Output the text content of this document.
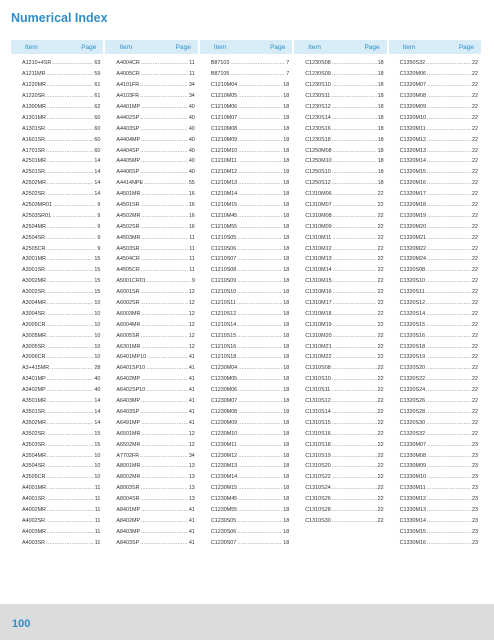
Numerical Index
Item	Page
A1210+4SR .....	63
A1211MR .....	59
A1220MR .....	61
A1220SR .....	61
A1300MR .....	62
A1301MR .....	60
A1301SR .....	60
A1601SR .....	60
A1701SR .....	60
A2501MR .....	14
A2501SR .....	14
A2502MR .....	14
A2502SR .....	14
A2503MR01 .....	9
A2503SR01 .....	9
A2504MR .....	9
A2504SR .....	9
A2505CR .....	9
A3001MR .....	15
A3001SR .....	15
A3002MR .....	15
A3002SR .....	15
A3004MR .....	10
A3004SR .....	10
A3005CR .....	10
A3005MR .....	10
A3005SR .....	10
A3006CR .....	10
A3+415MR .....	28
A3401MP .....	40
A3402MP .....	40
A3501MR .....	14
A3501SR .....	14
A3502MR .....	14
A3502SR .....	15
A3503SR .....	15
A3504MR .....	10
A3504SR .....	10
A3505CR .....	10
A4001MR .....	11
A4001SR .....	11
A4002MR .....	11
A4002SR .....	11
A4003MR .....	11
A4003SR .....	11
Item	Page
A4004CR .....	11
A4005CR .....	11
A4101FR .....	34
A4103FR .....	34
A4401MP .....	40
A4402SP .....	40
A4403SP .....	40
A4404MP .....	40
A4404SP .....	40
A4405MP .....	40
A4406SP .....	40
A4414NPE .....	55
A4501MR .....	16
A4501SR .....	16
A4502MR .....	16
A4502SR .....	16
A4503MR .....	11
A4503SR .....	11
A4504CR .....	11
A4505CR .....	11
A5001CR01 .....	9
A6001SR .....	12
A6002SR .....	12
A6003MR .....	12
A6004MR .....	12
A6005SR .....	12
A6301MR .....	12
A6401MP10 .....	41
A6401SP10 .....	41
A6402MP .....	41
A6402SP10 .....	41
A6403MP .....	41
A6403SP .....	41
A6491MP .....	41
A6501MR .....	12
A6502MR .....	12
A7702FR .....	34
A8001MR .....	13
A8002MR .....	13
A8003SR .....	13
A8004SR .....	13
A8401MP .....	41
A8402MP .....	41
A8403MP .....	41
A8403SP .....	41
Item	Page
B87103 .....	7
B87105 .....	7
C1210M04 .....	18
C1210M05 .....	18
C1210M06 .....	18
C1210M07 .....	18
C1210M08 .....	18
C1210M09 .....	18
C1210M10 .....	18
C1210M11 .....	18
C1210M12 .....	18
C1210M13 .....	18
C1210M14 .....	18
C1210M15 .....	18
C1210M45 .....	18
C1210M55 .....	18
C1210S05 .....	18
C1210S06 .....	18
C1210S07 .....	18
C1210S08 .....	18
C1210S09 .....	18
C1210S10 .....	18
C1210S11 .....	18
C1210S12 .....	18
C1210S14 .....	18
C1210S15 .....	18
C1210S16 .....	18
C1210S18 .....	18
C1230M04 .....	18
C1230M05 .....	18
C1230M06 .....	18
C1230M07 .....	18
C1230M08 .....	18
C1230M09 .....	18
C1230M10 .....	18
C1230M11 .....	18
C1230M12 .....	18
C1230M13 .....	18
C1230M14 .....	18
C1230M15 .....	18
C1230M45 .....	18
C1230M55 .....	18
C1230S05 .....	18
C1230S06 .....	18
C1230S07 .....	18
Item	Page
C1230S08 .....	18
C1230S09 .....	18
C1230S10 .....	18
C1230S11 .....	18
C1230S12 .....	18
C1230S14 .....	18
C1230S16 .....	18
C1230S18 .....	18
C1250M08 .....	18
C1250M10 .....	18
C1250S10 .....	18
C1250S12 .....	18
C1310M06 .....	22
C1310M07 .....	22
C1310M08 .....	22
C1310M09 .....	22
C1310M11 .....	22
C1310M12 .....	22
C1310M13 .....	22
C1310M14 .....	22
C1310M15 .....	22
C1310M16 .....	22
C1310M17 .....	22
C1310M18 .....	22
C1310M19 .....	22
C1310M20 .....	22
C1310M21 .....	22
C1310M22 .....	22
C1310S08 .....	22
C1310S10 .....	22
C1310S11 .....	22
C1310S12 .....	22
C1310S14 .....	22
C1310S15 .....	22
C1310S16 .....	22
C1310S18 .....	22
C1310S19 .....	22
C1310S20 .....	22
C1310S22 .....	22
C1310S24 .....	22
C1310S26 .....	22
C1310S28 .....	22
C1310S30 .....	22
Item	Page
C1350S32 .....	22
C1320M06 .....	22
C1320M07 .....	22
C1320M08 .....	22
C1320M09 .....	22
C1320M10 .....	22
C1320M11 .....	22
C1320M12 .....	22
C1320M13 .....	22
C1320M14 .....	22
C1320M15 .....	22
C1320M16 .....	22
C1320M17 .....	22
C1320M18 .....	22
C1320M19 .....	22
C1320M20 .....	22
C1320M21 .....	22
C1320M22 .....	22
C1320M24 .....	22
C1320S08 .....	22
C1320S10 .....	22
C1320S11 .....	22
C1320S12 .....	22
C1320S14 .....	22
C1320S15 .....	22
C1320S16 .....	22
C1320S18 .....	22
C1320S19 .....	22
C1320S20 .....	22
C1320S22 .....	22
C1320S24 .....	22
C1320S26 .....	22
C1320S28 .....	22
C1320S30 .....	22
C1320S32 .....	22
C1330M07 .....	23
C1330M08 .....	23
C1330M09 .....	23
C1330M10 .....	23
C1330M11 .....	23
C1330M12 .....	23
C1330M13 .....	23
C1330M14 .....	23
C1330M15 .....	23
C1330M16 .....	23
100
